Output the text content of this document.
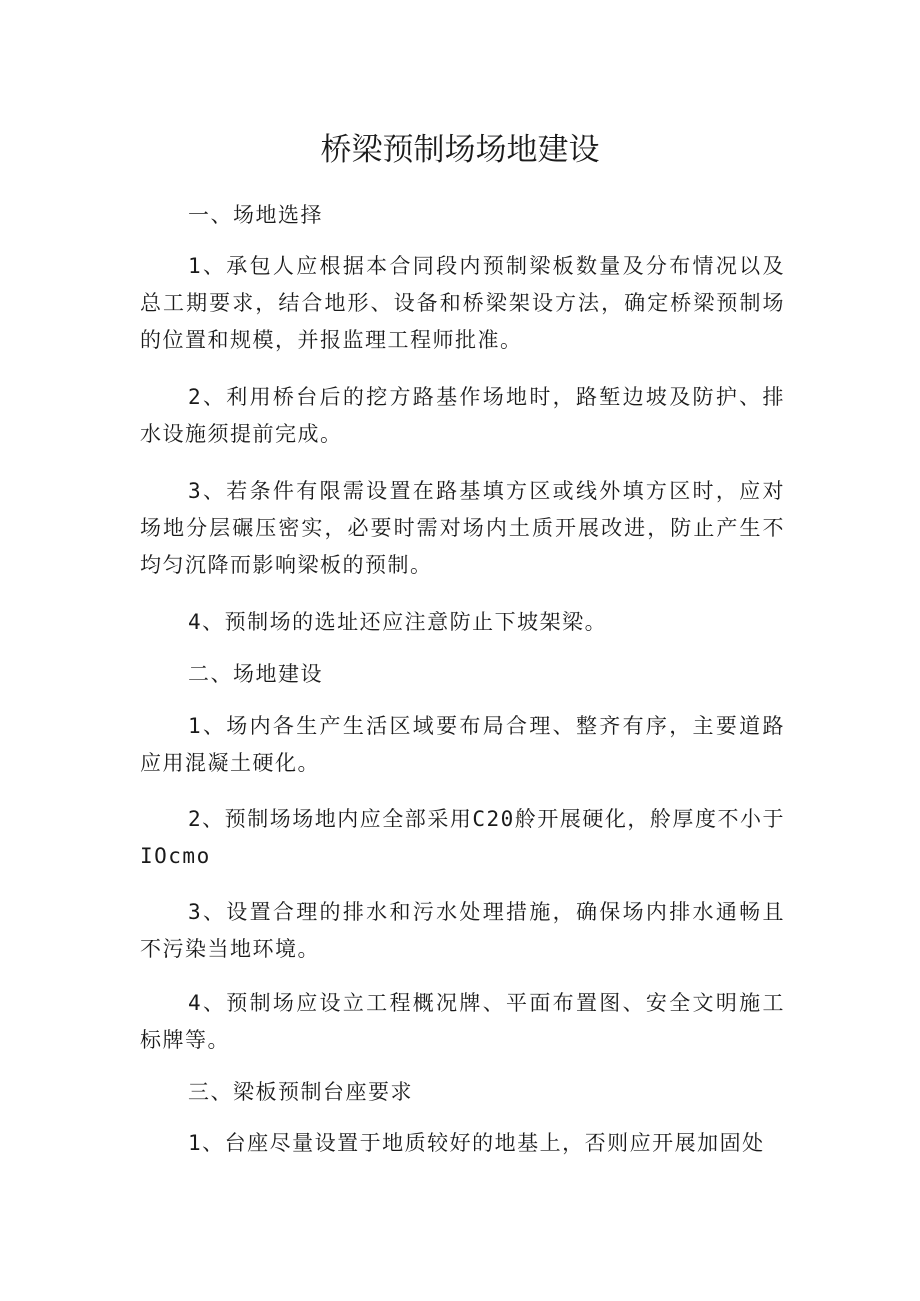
桥梁预制场场地建设

一、场地选择

1、承包人应根据本合同段内预制梁板数量及分布情况以及总工期要求，结合地形、设备和桥梁架设方法，确定桥梁预制场的位置和规模，并报监理工程师批准。

2、利用桥台后的挖方路基作场地时，路堑边坡及防护、排水设施须提前完成。

3、若条件有限需设置在路基填方区或线外填方区时，应对场地分层碾压密实，必要时需对场内土质开展改进，防止产生不均匀沉降而影响梁板的预制。

4、预制场的选址还应注意防止下坡架梁。

二、场地建设

1、场内各生产生活区域要布局合理、整齐有序，主要道路应用混凝土硬化。

2、预制场场地内应全部采用C20舲开展硬化，舲厚度不小于IOcmo

3、设置合理的排水和污水处理措施，确保场内排水通畅且不污染当地环境。

4、预制场应设立工程概况牌、平面布置图、安全文明施工标牌等。

三、梁板预制台座要求

1、台座尽量设置于地质较好的地基上，否则应开展加固处
